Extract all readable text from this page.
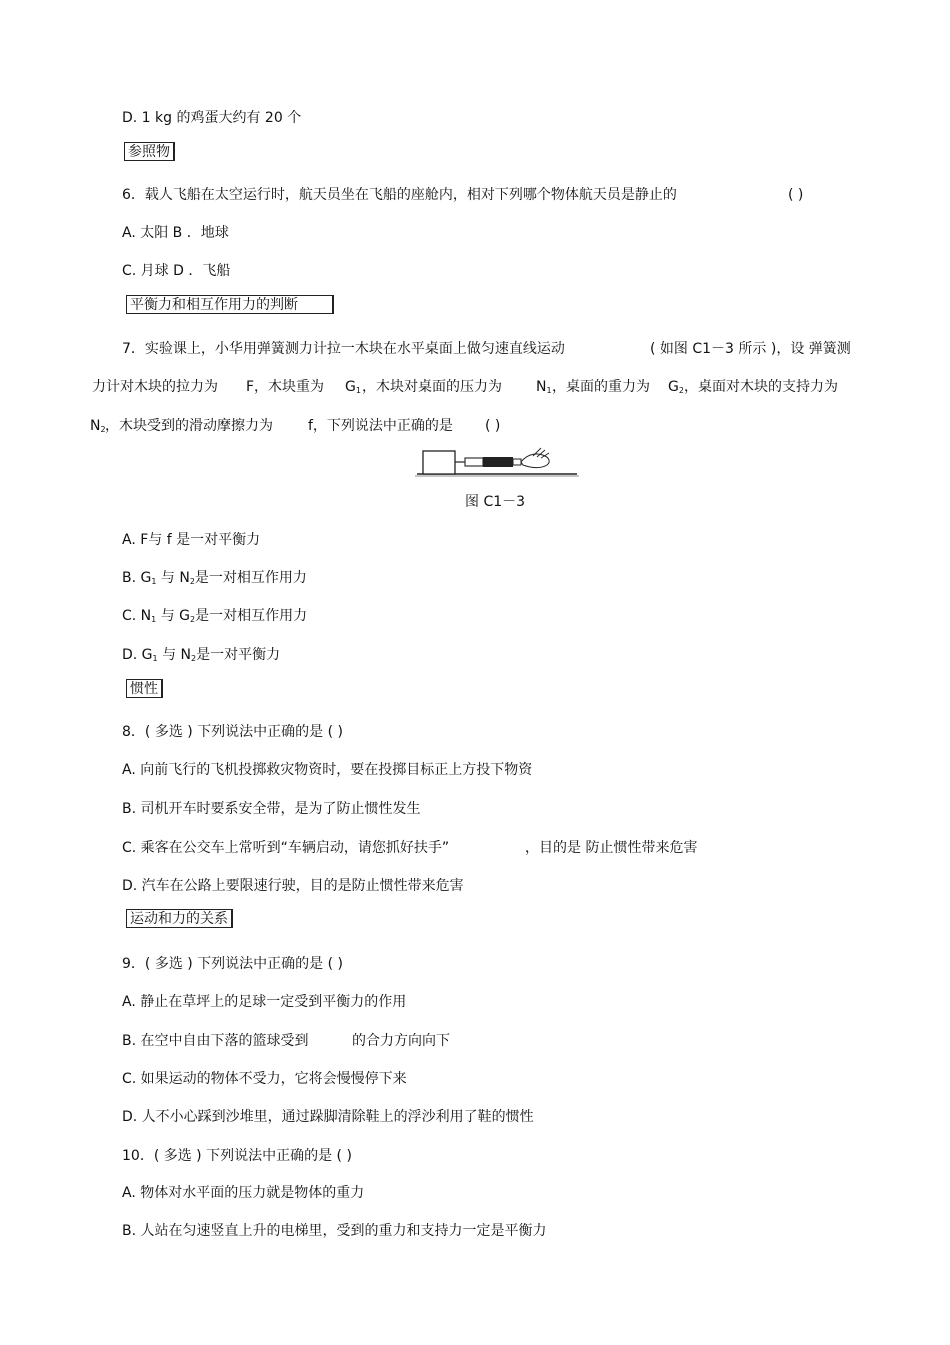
D. 1 kg 的鸡蛋大约有 20 个
参照物
6．载人飞船在太空运行时，航天员坐在飞船的座舱内，相对下列哪个物体航天员是静止的	( )
A. 太阳 B ．地球
C. 月球 D ．飞船
平衡力和相互作用力的判断
7．实验课上，小华用弹簧测力计拉一木块在水平桌面上做匀速直线运动	( 如图 C1－3 所示 )，设 弹簧测
力计对木块的拉力为 F，木块重为 $G_1$ ，木块对桌面的压力为 $N_1$ ，桌面的重力为 $G_2$ ，桌面对木块的支持力为
$N_2$ ，木块受到的滑动摩擦力为	f，下列说法中正确的是 ( )
图 C1－3
A. F与 f 是一对平衡力
B. $G_1$ 与 $N_2$是一对相互作用力
C. $N_1$ 与 $G_2$是一对相互作用力
D. $G_1$ 与 $N_2$是一对平衡力
惯性
8．( 多选 ) 下列说法中正确的是 ( )
A. 向前飞行的飞机投掷救灾物资时，要在投掷目标正上方投下物资
B. 司机开车时要系安全带，是为了防止惯性发生
C. 乘客在公交车上常听到“车辆启动，请您抓好扶手”	，目的是 防止惯性带来危害
D. 汽车在公路上要限速行驶，目的是防止惯性带来危害
运动和力的关系
9．( 多选 ) 下列说法中正确的是 ( )
A. 静止在草坪上的足球一定受到平衡力的作用
B. 在空中自由下落的篮球受到	的合力方向向下
C. 如果运动的物体不受力，它将会慢慢停下来
D. 人不小心踩到沙堆里，通过跺脚清除鞋上的浮沙利用了鞋的惯性
10．( 多选 ) 下列说法中正确的是 ( )
A. 物体对水平面的压力就是物体的重力
B. 人站在匀速竖直上升的电梯里，受到的重力和支持力一定是平衡力
